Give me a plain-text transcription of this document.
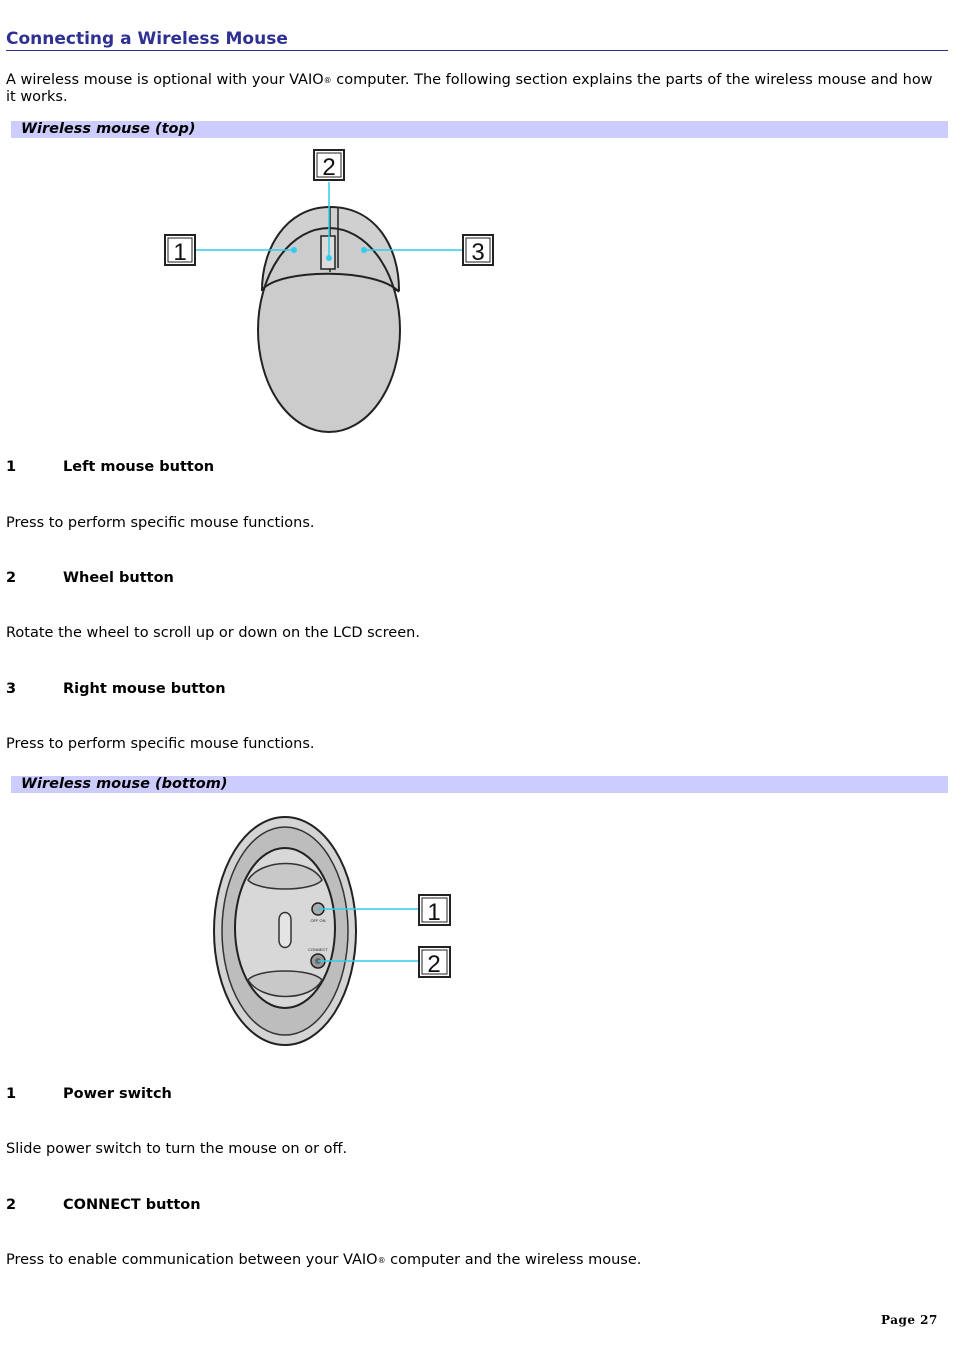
Connecting a Wireless Mouse
A wireless mouse is optional with your VAIO® computer. The following section explains the parts of the wireless mouse and how it works.
Wireless mouse (top)
1
2
3
OFF ON
CONNECT
1
2
1	Left mouse button
Press to perform specific mouse functions.
2	Wheel button
Rotate the wheel to scroll up or down on the LCD screen.
3	Right mouse button
Press to perform specific mouse functions.
Wireless mouse (bottom)
1	Power switch
Slide power switch to turn the mouse on or off.
2	CONNECT button
Press to enable communication between your VAIO® computer and the wireless mouse.
Page 27
